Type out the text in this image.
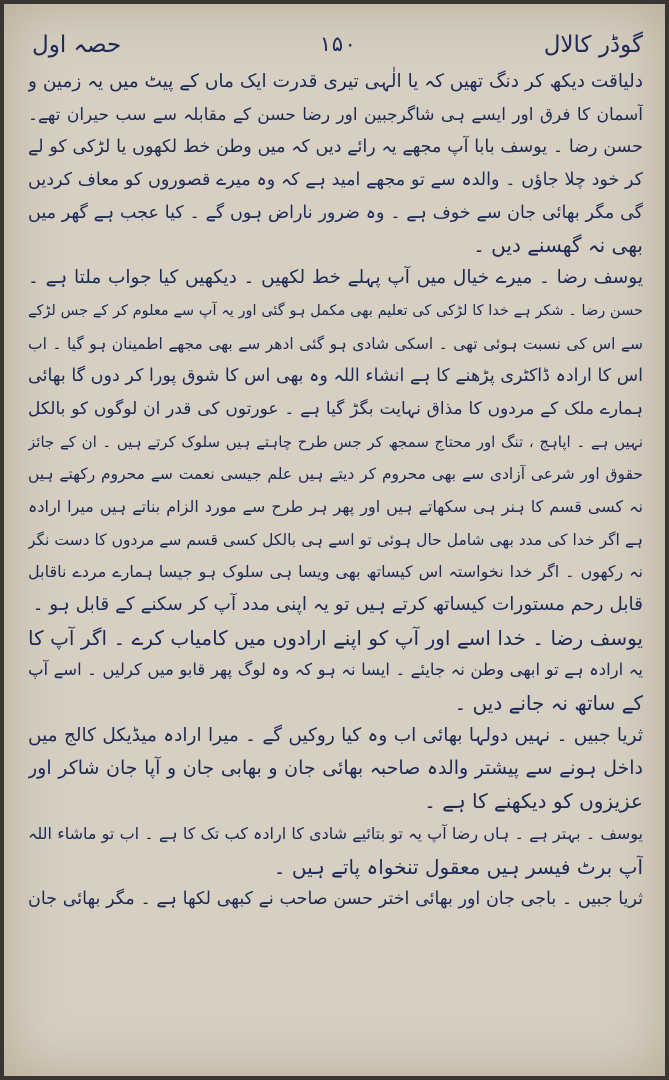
گوڈر کالال
۱۵۰
حصہ اول
دلیاقت دیکھ کر دنگ تھیں کہ یا الٰہی تیری قدرت ایک ماں کے پیٹ میں یہ زمین و
آسمان کا فرق اور ایسے ہی شاگرجبین اور رضا حسن کے مقابلہ سے سب حیران تھے۔
حسن رضا ۔ یوسف بابا آپ مجھے یہ رائے دیں کہ میں وطن خط لکھوں یا لڑکی کو لے
کر خود چلا جاؤں ۔ والدہ سے تو مجھے امید ہے کہ وہ میرے قصوروں کو معاف کردیں
گی مگر بھائی جان سے خوف ہے ۔ وہ ضرور ناراض ہوں گے ۔ کیا عجب ہے گھر میں
بھی نہ گھسنے دیں ۔
یوسف رضا ۔ میرے خیال میں آپ پہلے خط لکھیں ۔ دیکھیں کیا جواب ملتا ہے ۔
حسن رضا ۔ شکر ہے خدا کا لڑکی کی تعلیم بھی مکمل ہو گئی اور یہ آپ سے معلوم کر کے جس لڑکے
سے اس کی نسبت ہوئی تھی ۔ اسکی شادی ہو گئی ادھر سے بھی مجھے اطمینان ہو گیا ۔ اب
اس کا ارادہ ڈاکٹری پڑھنے کا ہے انشاء اللہ وہ بھی اس کا شوق پورا کر دوں گا بھائی
ہمارے ملک کے مردوں کا مذاق نہایت بگڑ گیا ہے ۔ عورتوں کی قدر ان لوگوں کو بالکل
نہیں ہے ۔ اپاہج ، تنگ اور محتاج سمجھ کر جس طرح چاہتے ہیں سلوک کرتے ہیں ۔ ان کے جائز
حقوق اور شرعی آزادی سے بھی محروم کر دیتے ہیں علم جیسی نعمت سے محروم رکھتے ہیں
نہ کسی قسم کا ہنر ہی سکھاتے ہیں اور پھر ہر طرح سے مورد الزام بناتے ہیں میرا ارادہ
ہے اگر خدا کی مدد بھی شامل حال ہوئی تو اسے ہی بالکل کسی قسم سے مردوں کا دست نگر
نہ رکھوں ۔ اگر خدا نخواستہ اس کیساتھ بھی ویسا ہی سلوک ہو جیسا ہمارے مردے ناقابل
قابل رحم مستورات کیساتھ کرتے ہیں تو یہ اپنی مدد آپ کر سکنے کے قابل ہو ۔
یوسف رضا ۔ خدا اسے اور آپ کو اپنے ارادوں میں کامیاب کرے ۔ اگر آپ کا
یہ ارادہ ہے تو ابھی وطن نہ جایئے ۔ ایسا نہ ہو کہ وہ لوگ پھر قابو میں کرلیں ۔ اسے آپ
کے ساتھ نہ جانے دیں ۔
ثریا جبیں ۔ نہیں دولہا بھائی اب وہ کیا روکیں گے ۔ میرا ارادہ میڈیکل کالج میں
داخل ہونے سے پیشتر والدہ صاحبہ بھائی جان و بھابی جان و آپا جان شاکر اور
عزیزوں کو دیکھنے کا ہے ۔
یوسف ۔ بہتر ہے ۔ ہاں رضا آپ یہ تو بتائیے شادی کا ارادہ کب تک کا ہے ۔ اب تو ماشاء اللہ
آپ برٹ فیسر ہیں معقول تنخواہ پاتے ہیں ۔
ثریا جبیں ۔ باجی جان اور بھائی اختر حسن صاحب نے کبھی لکھا ہے ۔ مگر بھائی جان
